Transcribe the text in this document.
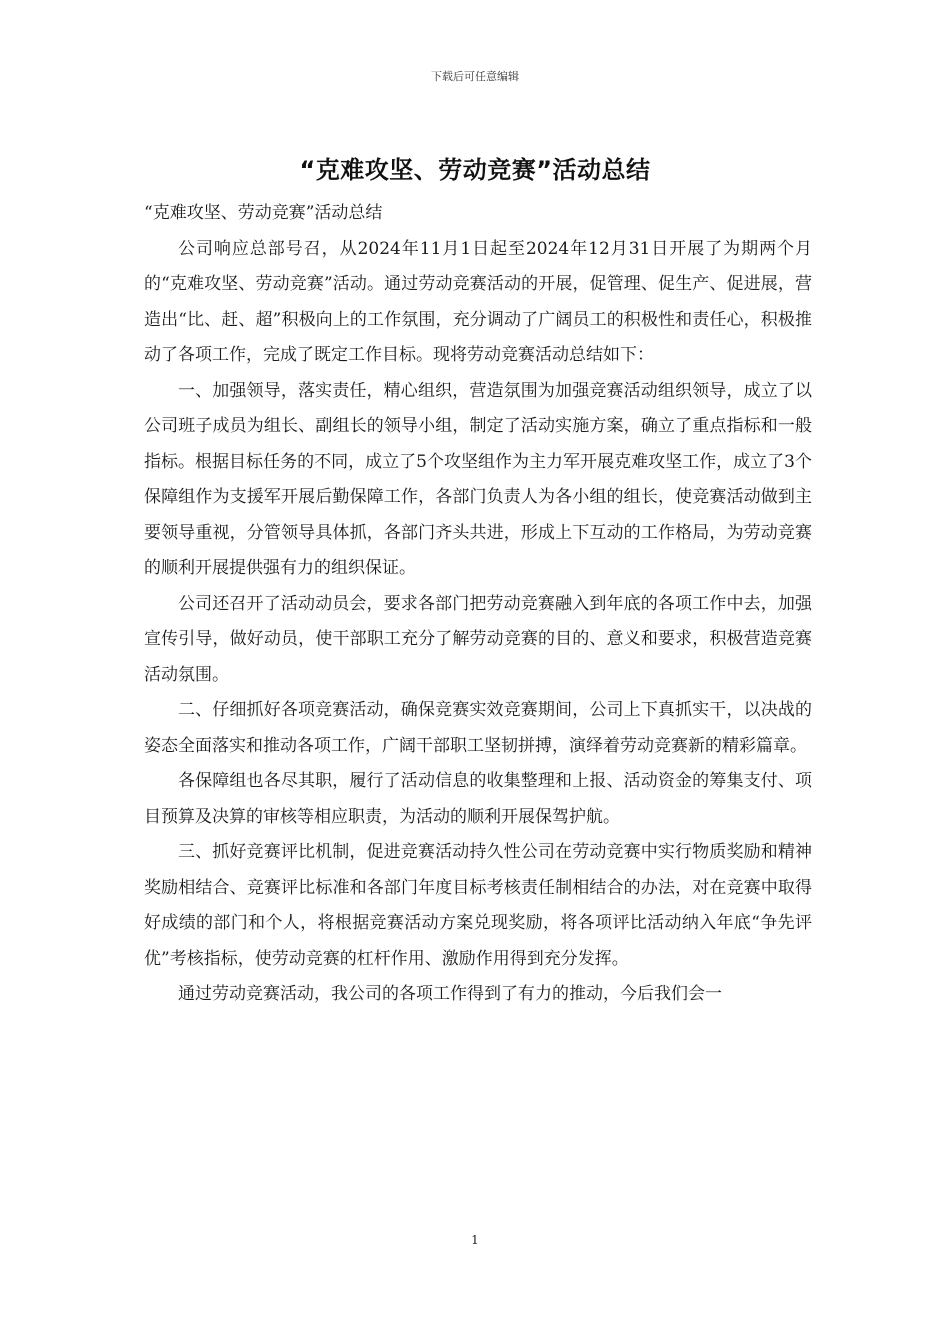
下载后可任意编辑
“克难攻坚、劳动竞赛”活动总结

“克难攻坚、劳动竞赛”活动总结

公司响应总部号召，从2024年11月1日起至2024年12月31日开展了为期两个月的“克难攻坚、劳动竞赛”活动。通过劳动竞赛活动的开展，促管理、促生产、促进展，营造出“比、赶、超”积极向上的工作氛围，充分调动了广阔员工的积极性和责任心，积极推动了各项工作，完成了既定工作目标。现将劳动竞赛活动总结如下：

一、加强领导，落实责任，精心组织，营造氛围为加强竞赛活动组织领导，成立了以公司班子成员为组长、副组长的领导小组，制定了活动实施方案，确立了重点指标和一般指标。根据目标任务的不同，成立了5个攻坚组作为主力军开展克难攻坚工作，成立了3个保障组作为支援军开展后勤保障工作，各部门负责人为各小组的组长，使竞赛活动做到主要领导重视，分管领导具体抓，各部门齐头共进，形成上下互动的工作格局，为劳动竞赛的顺利开展提供强有力的组织保证。

公司还召开了活动动员会，要求各部门把劳动竞赛融入到年底的各项工作中去，加强宣传引导，做好动员，使干部职工充分了解劳动竞赛的目的、意义和要求，积极营造竞赛活动氛围。

二、仔细抓好各项竞赛活动，确保竞赛实效竞赛期间，公司上下真抓实干，以决战的姿态全面落实和推动各项工作，广阔干部职工坚韧拼搏，演绎着劳动竞赛新的精彩篇章。

各保障组也各尽其职，履行了活动信息的收集整理和上报、活动资金的筹集支付、项目预算及决算的审核等相应职责，为活动的顺利开展保驾护航。

三、抓好竞赛评比机制，促进竞赛活动持久性公司在劳动竞赛中实行物质奖励和精神奖励相结合、竞赛评比标准和各部门年度目标考核责任制相结合的办法，对在竞赛中取得好成绩的部门和个人，将根据竞赛活动方案兑现奖励，将各项评比活动纳入年底“争先评优”考核指标，使劳动竞赛的杠杆作用、激励作用得到充分发挥。

通过劳动竞赛活动，我公司的各项工作得到了有力的推动，今后我们会一

1
